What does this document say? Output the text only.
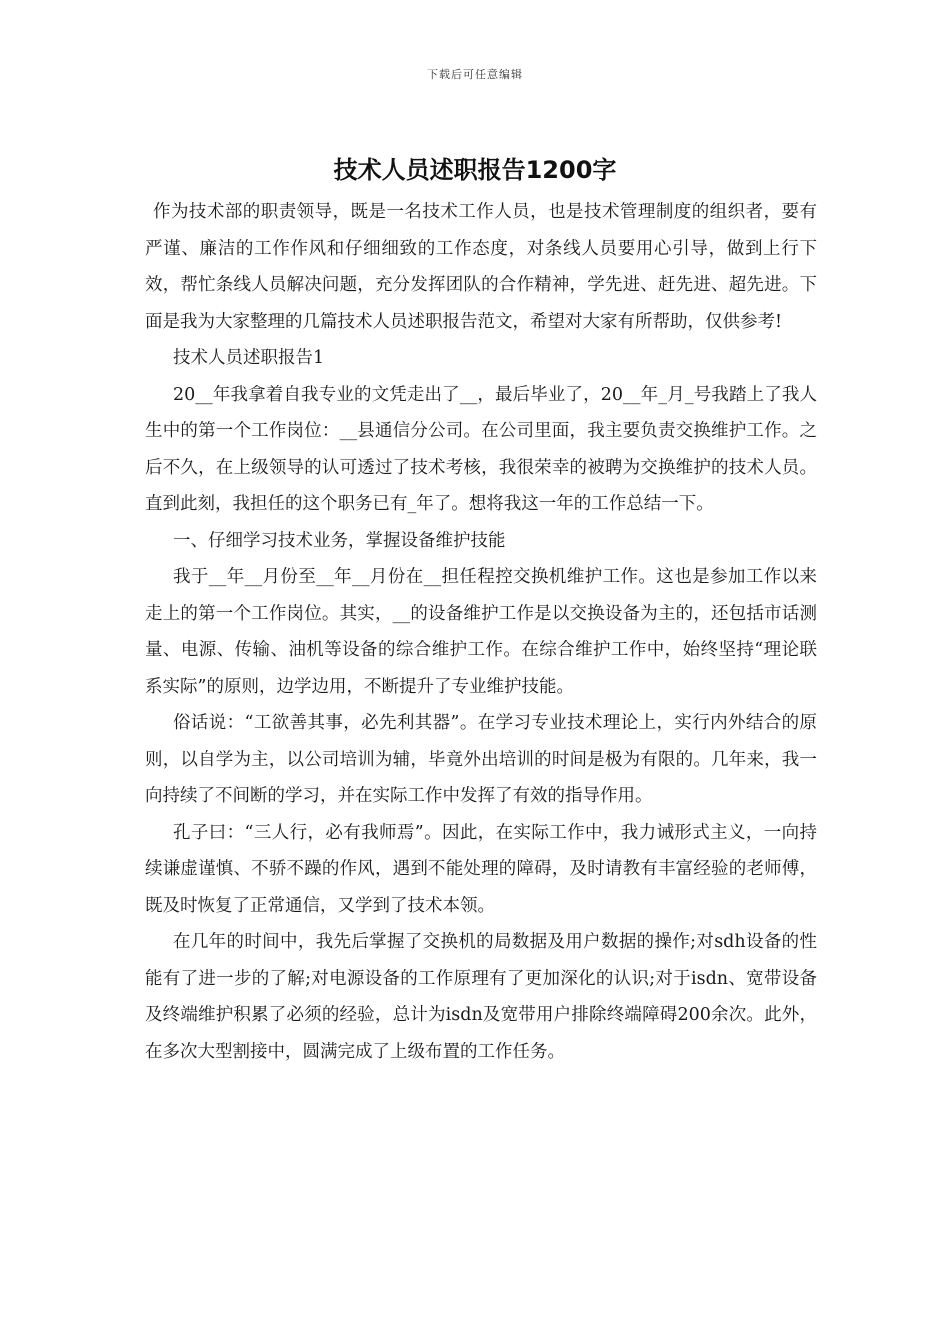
下载后可任意编辑
技术人员述职报告1200字

作为技术部的职责领导，既是一名技术工作人员，也是技术管理制度的组织者，要有严谨、廉洁的工作作风和仔细细致的工作态度，对条线人员要用心引导，做到上行下效，帮忙条线人员解决问题，充分发挥团队的合作精神，学先进、赶先进、超先进。下面是我为大家整理的几篇技术人员述职报告范文，希望对大家有所帮助，仅供参考!

技术人员述职报告1

20__年我拿着自我专业的文凭走出了__，最后毕业了，20__年_月_号我踏上了我人生中的第一个工作岗位：__县通信分公司。在公司里面，我主要负责交换维护工作。之后不久，在上级领导的认可透过了技术考核，我很荣幸的被聘为交换维护的技术人员。直到此刻，我担任的这个职务已有_年了。想将我这一年的工作总结一下。

一、仔细学习技术业务，掌握设备维护技能

我于__年__月份至__年__月份在__担任程控交换机维护工作。这也是参加工作以来走上的第一个工作岗位。其实，__的设备维护工作是以交换设备为主的，还包括市话测量、电源、传输、油机等设备的综合维护工作。在综合维护工作中，始终坚持“理论联系实际”的原则，边学边用，不断提升了专业维护技能。

俗话说：“工欲善其事，必先利其器”。在学习专业技术理论上，实行内外结合的原则，以自学为主，以公司培训为辅，毕竟外出培训的时间是极为有限的。几年来，我一向持续了不间断的学习，并在实际工作中发挥了有效的指导作用。

孔子曰：“三人行，必有我师焉”。因此，在实际工作中，我力诫形式主义，一向持续谦虚谨慎、不骄不躁的作风，遇到不能处理的障碍，及时请教有丰富经验的老师傅，既及时恢复了正常通信，又学到了技术本领。

在几年的时间中，我先后掌握了交换机的局数据及用户数据的操作;对sdh设备的性能有了进一步的了解;对电源设备的工作原理有了更加深化的认识;对于isdn、宽带设备及终端维护积累了必须的经验，总计为isdn及宽带用户排除终端障碍200余次。此外，在多次大型割接中，圆满完成了上级布置的工作任务。
